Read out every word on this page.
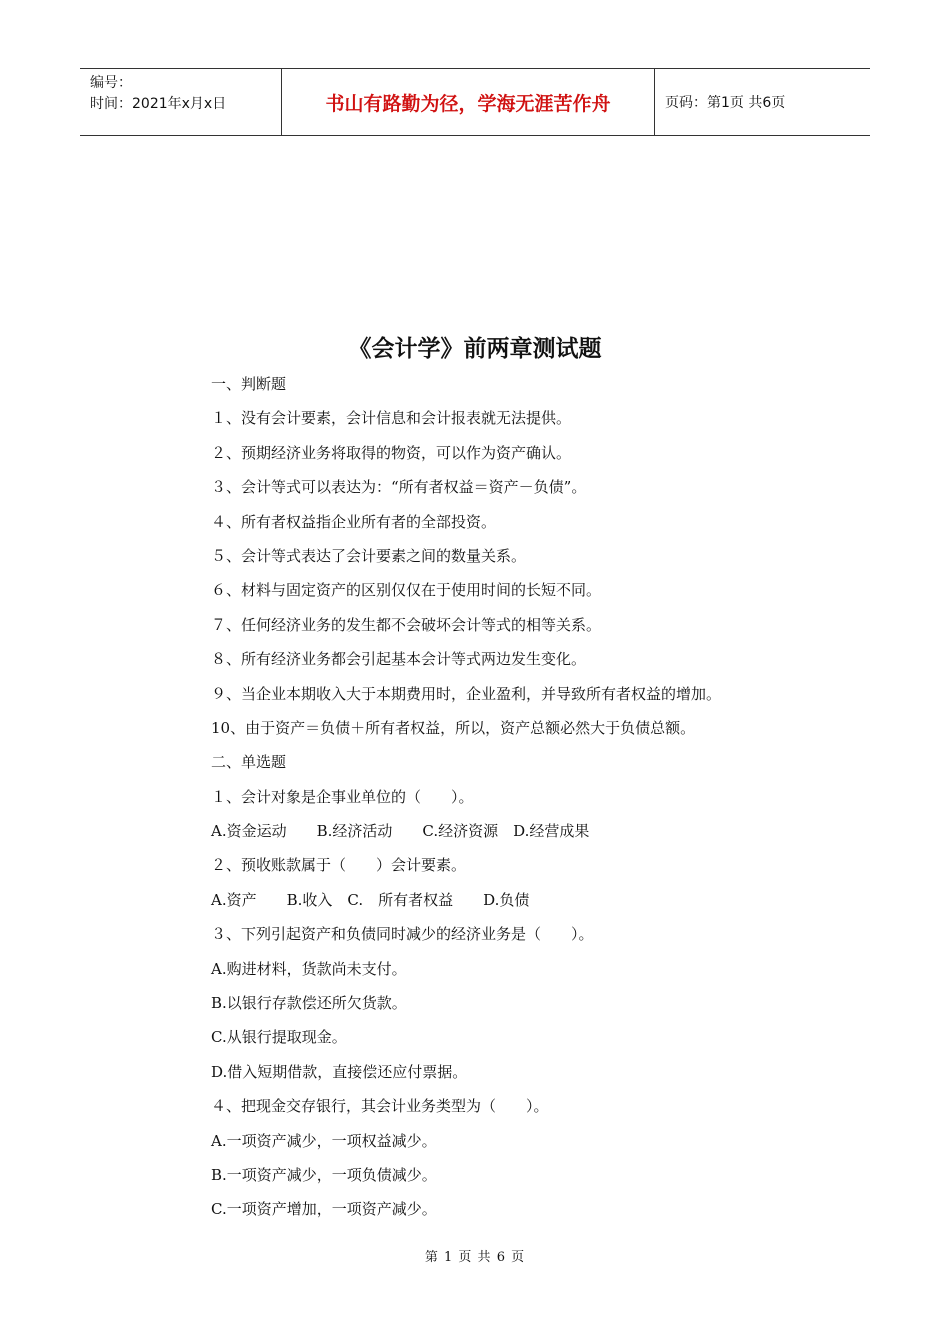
编号：
时间：2021年x月x日	书山有路勤为径，学海无涯苦作舟	页码：第1页 共6页
《会计学》前两章测试题
一、判断题
１、没有会计要素，会计信息和会计报表就无法提供。
２、预期经济业务将取得的物资，可以作为资产确认。
３、会计等式可以表达为：“所有者权益＝资产－负债”。
４、所有者权益指企业所有者的全部投资。
５、会计等式表达了会计要素之间的数量关系。
６、材料与固定资产的区别仅仅在于使用时间的长短不同。
７、任何经济业务的发生都不会破坏会计等式的相等关系。
８、所有经济业务都会引起基本会计等式两边发生变化。
９、当企业本期收入大于本期费用时，企业盈利，并导致所有者权益的增加。
10、由于资产＝负债＋所有者权益，所以，资产总额必然大于负债总额。
二、单选题
１、会计对象是企事业单位的（　　）。
A.资金运动　　B.经济活动　　C.经济资源　D.经营成果
２、预收账款属于（　　）会计要素。
A.资产　　B.收入　C.　所有者权益　　D.负债
３、下列引起资产和负债同时减少的经济业务是（　　）。
A.购进材料，货款尚未支付。
B.以银行存款偿还所欠货款。
C.从银行提取现金。
D.借入短期借款，直接偿还应付票据。
４、把现金交存银行，其会计业务类型为（　　）。
A.一项资产减少，一项权益减少。
B.一项资产减少，一项负债减少。
C.一项资产增加，一项资产减少。
第 1 页 共 6 页
